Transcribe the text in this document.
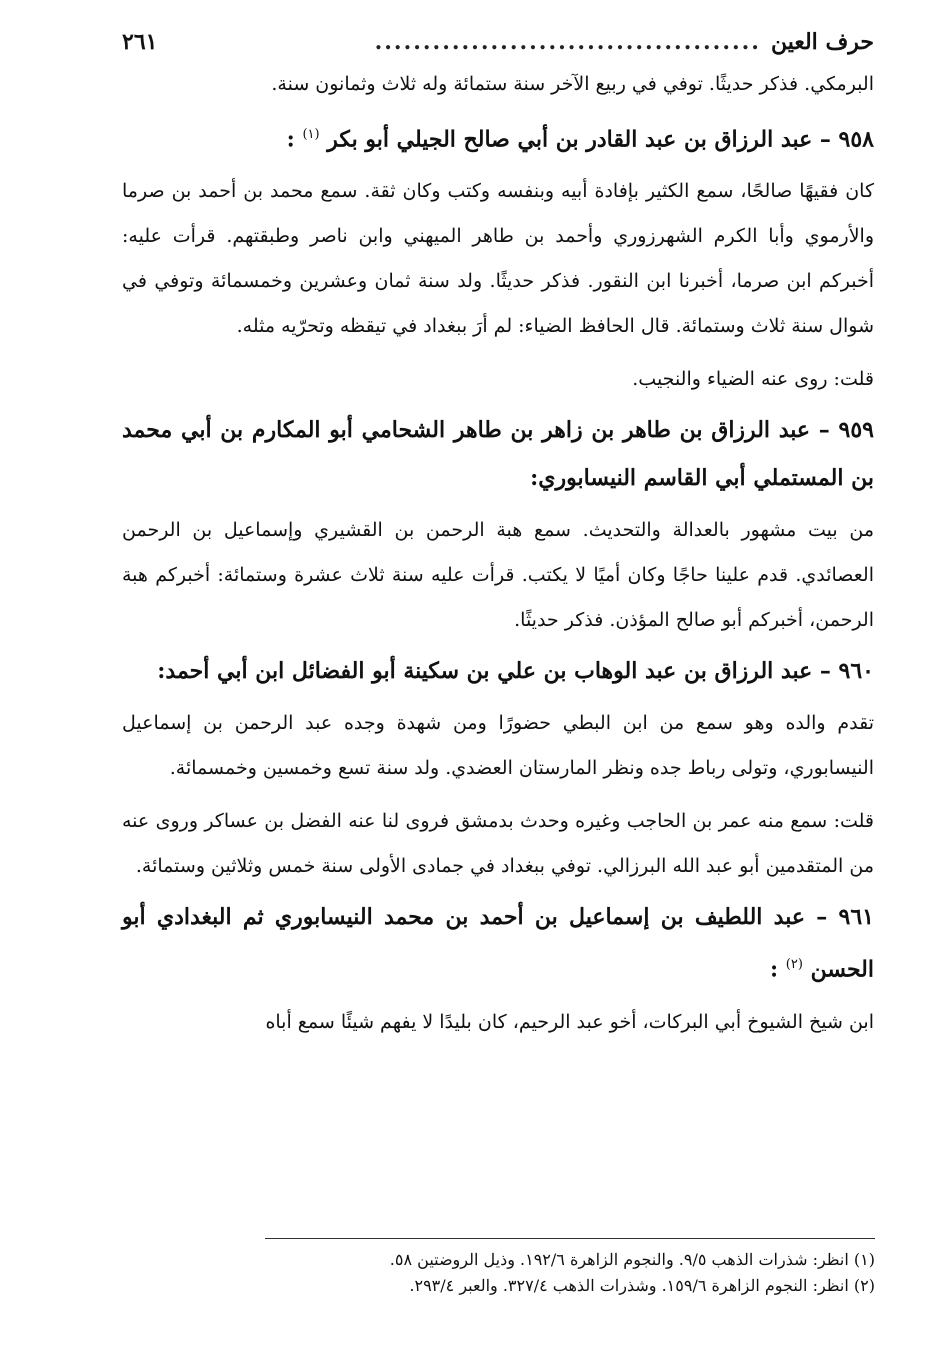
حرف العين
........................................
٢٦١

البرمكي. فذكر حديثًا. توفي في ربيع الآخر سنة ستمائة وله ثلاث وثمانون سنة.

٩٥٨ – عبد الرزاق بن عبد القادر بن أبي صالح الجيلي أبو بكر $^{(١)}$ :

كان فقيهًا صالحًا، سمع الكثير بإفادة أبيه وبنفسه وكتب وكان ثقة. سمع محمد بن أحمد بن صرما والأرموي وأبا الكرم الشهرزوري وأحمد بن طاهر الميهني وابن ناصر وطبقتهم. قرأت عليه: أخبركم ابن صرما، أخبرنا ابن النقور. فذكر حديثًا. ولد سنة ثمان وعشرين وخمسمائة وتوفي في شوال سنة ثلاث وستمائة. قال الحافظ الضياء: لم أرَ ببغداد في تيقظه وتحرّيه مثله.

قلت: روى عنه الضياء والنجيب.

٩٥٩ – عبد الرزاق بن طاهر بن زاهر بن طاهر الشحامي أبو المكارم بن أبي محمد بن المستملي أبي القاسم النيسابوري:

من بيت مشهور بالعدالة والتحديث. سمع هبة الرحمن بن القشيري وإسماعيل بن الرحمن العصائدي. قدم علينا حاجًا وكان أميًا لا يكتب. قرأت عليه سنة ثلاث عشرة وستمائة: أخبركم هبة الرحمن، أخبركم أبو صالح المؤذن. فذكر حديثًا.

٩٦٠ – عبد الرزاق بن عبد الوهاب بن علي بن سكينة أبو الفضائل ابن أبي أحمد:

تقدم والده وهو سمع من ابن البطي حضورًا ومن شهدة وجده عبد الرحمن بن إسماعيل النيسابوري، وتولى رباط جده ونظر المارستان العضدي. ولد سنة تسع وخمسين وخمسمائة.

قلت: سمع منه عمر بن الحاجب وغيره وحدث بدمشق فروى لنا عنه الفضل بن عساكر وروى عنه من المتقدمين أبو عبد الله البرزالي. توفي ببغداد في جمادى الأولى سنة خمس وثلاثين وستمائة.

٩٦١ – عبد اللطيف بن إسماعيل بن أحمد بن محمد النيسابوري ثم البغدادي أبو الحسن $^{(٢)}$ :

ابن شيخ الشيوخ أبي البركات، أخو عبد الرحيم، كان بليدًا لا يفهم شيئًا سمع أباه

(١) انظر: شذرات الذهب ٩/٥. والنجوم الزاهرة ١٩٢/٦. وذيل الروضتين ٥٨.

(٢) انظر: النجوم الزاهرة ١٥٩/٦. وشذرات الذهب ٣٢٧/٤. والعبر ٢٩٣/٤.
